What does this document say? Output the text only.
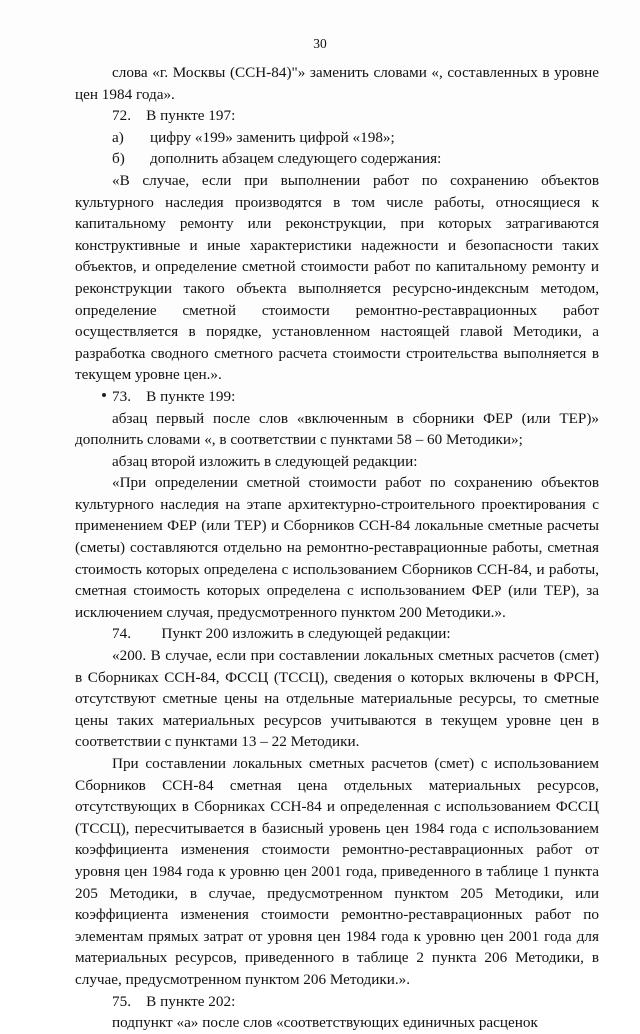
30

слова «г. Москвы (ССН-84)"» заменить словами «, составленных в уровне цен 1984 года».

72. В пункте 197:

а)	цифру «199» заменить цифрой «198»;
б)	дополнить абзацем следующего содержания:

«В случае, если при выполнении работ по сохранению объектов культурного наследия производятся в том числе работы, относящиеся к капитальному ремонту или реконструкции, при которых затрагиваются конструктивные и иные характеристики надежности и безопасности таких объектов, и определение сметной стоимости работ по капитальному ремонту и реконструкции такого объекта выполняется ресурсно-индексным методом, определение сметной стоимости ремонтно-реставрационных работ осуществляется в порядке, установленном настоящей главой Методики, а разработка сводного сметного расчета стоимости строительства выполняется в текущем уровне цен.».

73. В пункте 199:

абзац первый после слов «включенным в сборники ФЕР (или ТЕР)» дополнить словами «, в соответствии с пунктами 58 – 60 Методики»;

абзац второй изложить в следующей редакции:

«При определении сметной стоимости работ по сохранению объектов культурного наследия на этапе архитектурно-строительного проектирования с применением ФЕР (или ТЕР) и Сборников ССН-84 локальные сметные расчеты (сметы) составляются отдельно на ремонтно-реставрационные работы, сметная стоимость которых определена с использованием Сборников ССН-84, и работы, сметная стоимость которых определена с использованием ФЕР (или ТЕР), за исключением случая, предусмотренного пунктом 200 Методики.».

74.  Пункт 200 изложить в следующей редакции:

«200. В случае, если при составлении локальных сметных расчетов (смет) в Сборниках ССН-84, ФССЦ (ТССЦ), сведения о которых включены в ФРСН, отсутствуют сметные цены на отдельные материальные ресурсы, то сметные цены таких материальных ресурсов учитываются в текущем уровне цен в соответствии с пунктами 13 – 22 Методики.

При составлении локальных сметных расчетов (смет) с использованием Сборников ССН-84 сметная цена отдельных материальных ресурсов, отсутствующих в Сборниках ССН-84 и определенная с использованием ФССЦ (ТССЦ), пересчитывается в базисный уровень цен 1984 года с использованием коэффициента изменения стоимости ремонтно-реставрационных работ от уровня цен 1984 года к уровню цен 2001 года, приведенного в таблице 1 пункта 205 Методики, в случае, предусмотренном пунктом 205 Методики, или коэффициента изменения стоимости ремонтно-реставрационных работ по элементам прямых затрат от уровня цен 1984 года к уровню цен 2001 года для материальных ресурсов, приведенного в таблице 2 пункта 206 Методики, в случае, предусмотренном пунктом 206 Методики.».

75. В пункте 202:

подпункт «а» после слов «соответствующих единичных расценок
